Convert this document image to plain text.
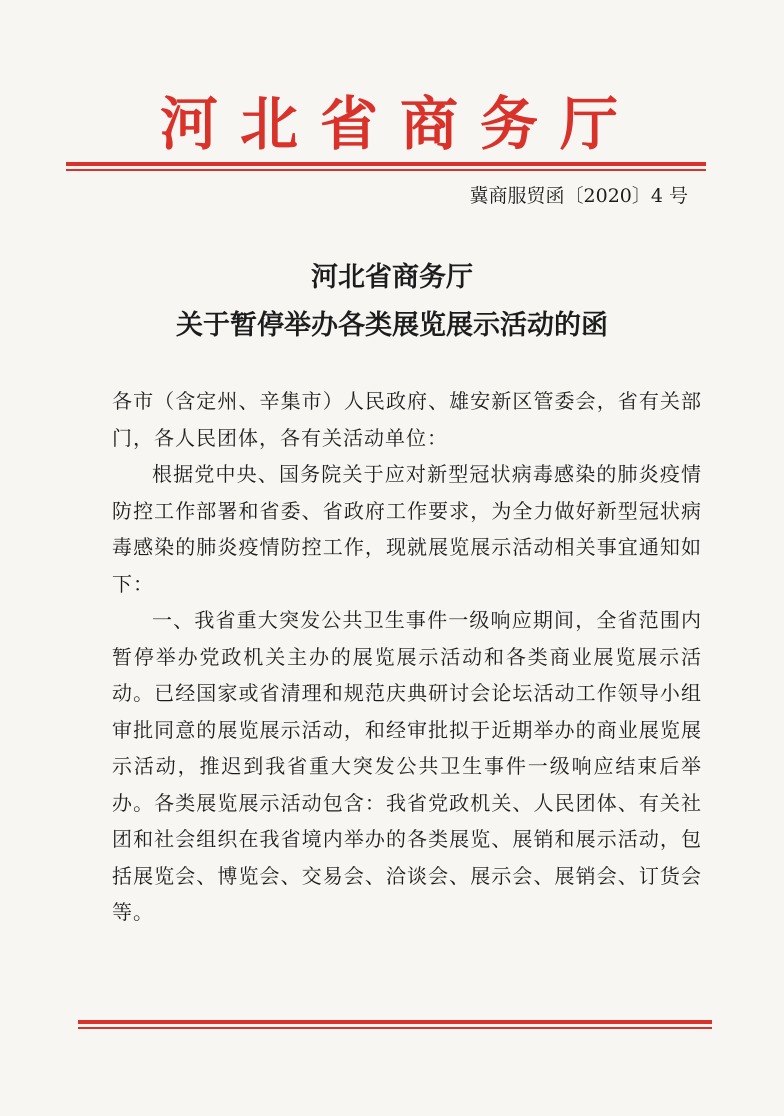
河北省商务厅
冀商服贸函〔2020〕4 号
河北省商务厅
关于暂停举办各类展览展示活动的函

各市（含定州、辛集市）人民政府、雄安新区管委会，省有关部门，各人民团体，各有关活动单位：

根据党中央、国务院关于应对新型冠状病毒感染的肺炎疫情防控工作部署和省委、省政府工作要求，为全力做好新型冠状病毒感染的肺炎疫情防控工作，现就展览展示活动相关事宜通知如下：

一、我省重大突发公共卫生事件一级响应期间，全省范围内暂停举办党政机关主办的展览展示活动和各类商业展览展示活动。已经国家或省清理和规范庆典研讨会论坛活动工作领导小组审批同意的展览展示活动，和经审批拟于近期举办的商业展览展示活动，推迟到我省重大突发公共卫生事件一级响应结束后举办。各类展览展示活动包含：我省党政机关、人民团体、有关社团和社会组织在我省境内举办的各类展览、展销和展示活动，包括展览会、博览会、交易会、洽谈会、展示会、展销会、订货会等。
